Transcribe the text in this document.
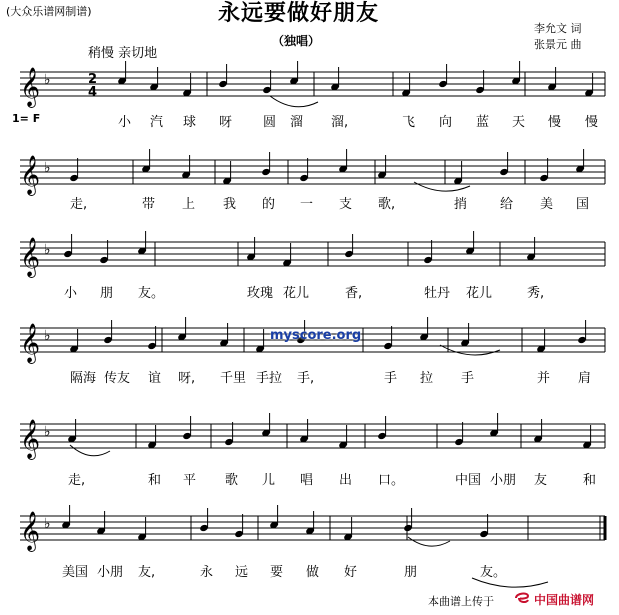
(大众乐谱网制谱)	永远要做好朋友
（独唱）
李允文 词
张景元 曲
稍慢 亲切地
1= F
𝄞 ♭
小 汽 球 呀 圆 溜 溜,	飞 向 蓝 天 慢 慢
𝄞 ♭
走,	带 上 我 的 一 支 歌,	捎	给 美 国
𝄞 ♭
小 朋 友。	玫瑰 花儿	香,	牡丹 花儿	秀,
𝄞 ♭
隔海 传友 谊 呀, 千里 手拉 手,	手 拉 手	并 肩
𝄞 ♭
走,	和 平 歌 儿 唱 出 口。	中国 小朋 友	和
𝄞 ♭
美国 小朋 友,	永 远 要 做 好	朋	友。
2
4
myscore.org
本曲谱上传于	中国曲谱网
